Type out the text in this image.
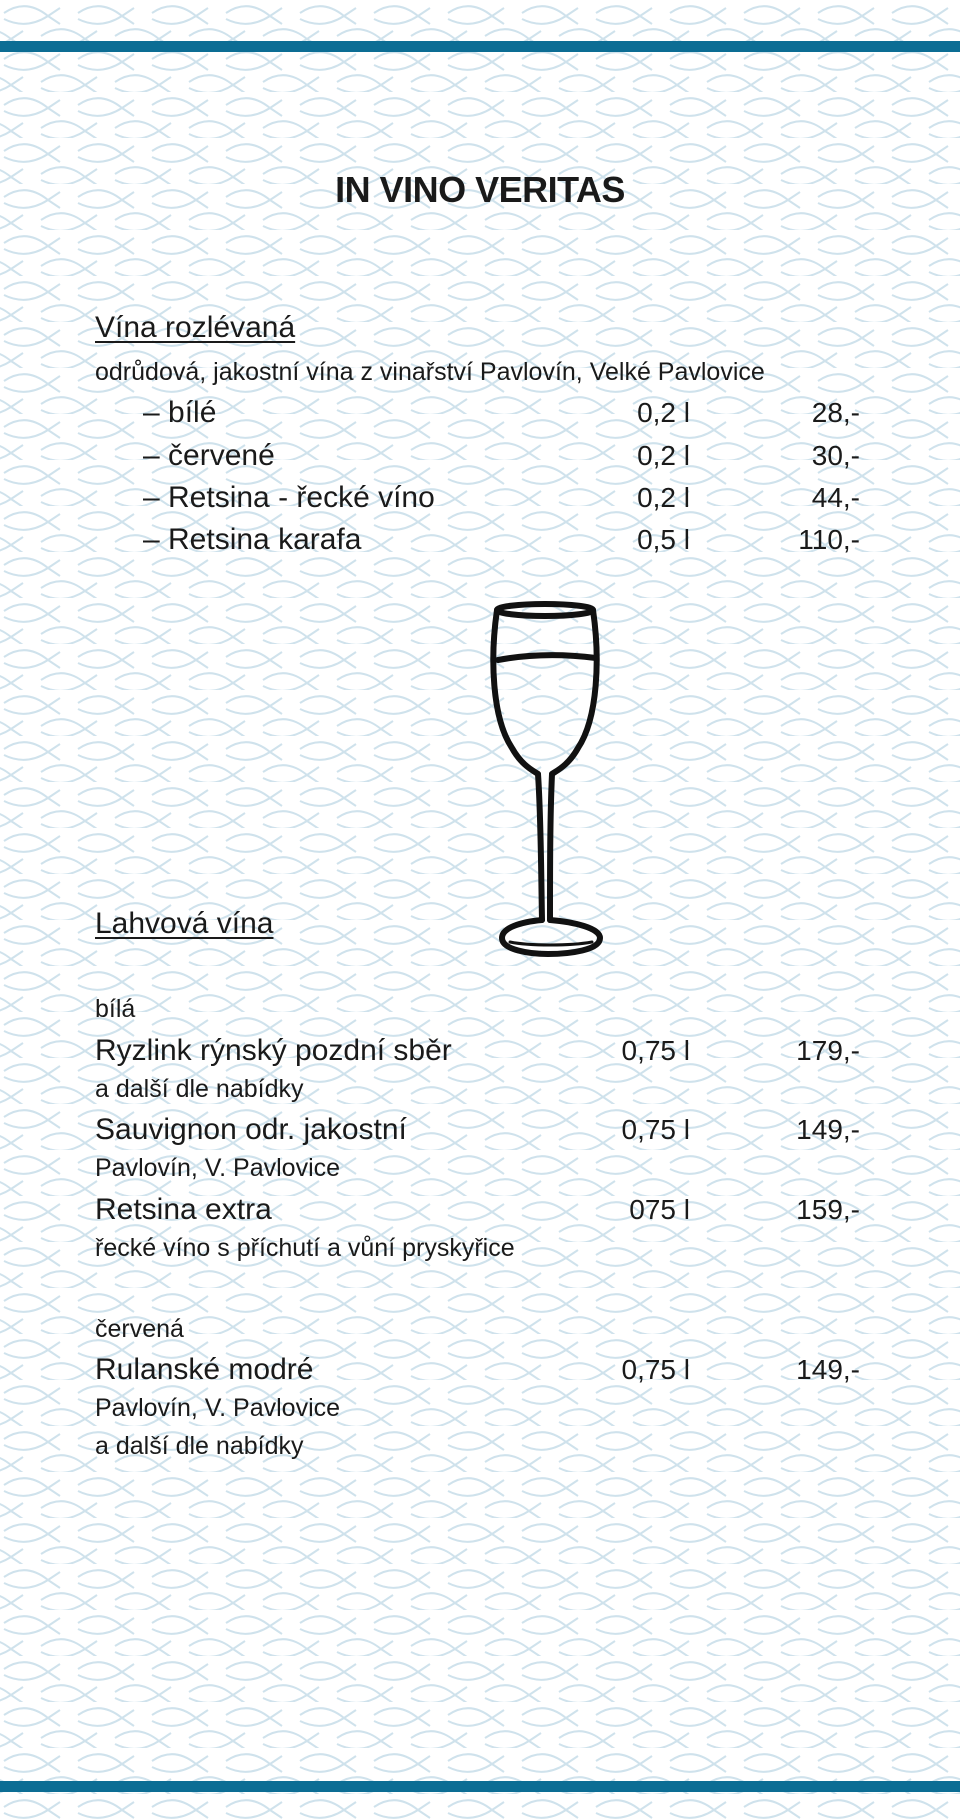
IN VINO VERITAS
Vína rozlévaná
odrůdová, jakostní vína z vinařství Pavlovín, Velké Pavlovice
– bílé	0,2 l	28,-
– červené	0,2 l	30,-
– Retsina - řecké víno	0,2 l	44,-
– Retsina karafa	0,5 l	110,-
Lahvová vína
bílá
Ryzlink rýnský pozdní sběr	0,75 l	179,-
a další dle nabídky
Sauvignon odr. jakostní	0,75 l	149,-
Pavlovín, V. Pavlovice
Retsina extra	075 l	159,-
řecké víno s příchutí a vůní pryskyřice
červená
Rulanské modré	0,75 l	149,-
Pavlovín, V. Pavlovice
a další dle nabídky
